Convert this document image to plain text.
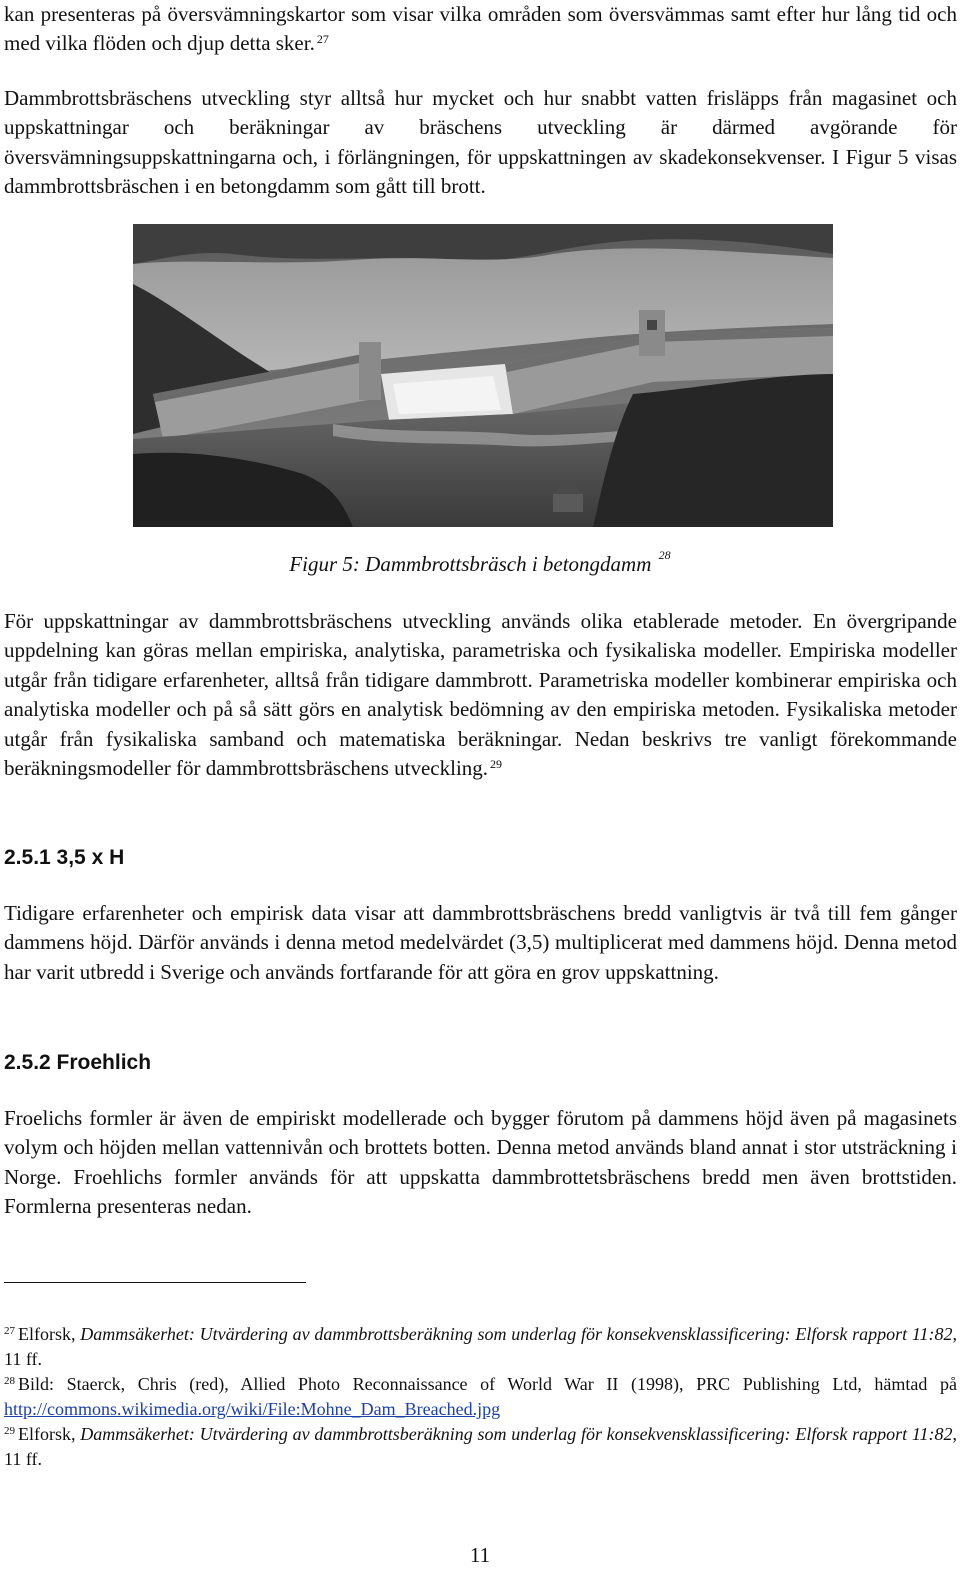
kan presenteras på översvämningskartor som visar vilka områden som översvämmas samt efter hur lång tid och med vilka flöden och djup detta sker. $^{27}$

Dammbrottsbräschens utveckling styr alltså hur mycket och hur snabbt vatten frisläpps från magasinet och uppskattningar och beräkningar av bräschens utveckling är därmed avgörande för översvämningsuppskattningarna och, i förlängningen, för uppskattningen av skadekonsekvenser. I Figur 5 visas dammbrottsbräschen i en betongdamm som gått till brott.

Figur 5: Dammbrottsbräsch i betongdamm $^{28}$

För uppskattningar av dammbrottsbräschens utveckling används olika etablerade metoder. En övergripande uppdelning kan göras mellan empiriska, analytiska, parametriska och fysikaliska modeller. Empiriska modeller utgår från tidigare erfarenheter, alltså från tidigare dammbrott. Parametriska modeller kombinerar empiriska och analytiska modeller och på så sätt görs en analytisk bedömning av den empiriska metoden. Fysikaliska metoder utgår från fysikaliska samband och matematiska beräkningar. Nedan beskrivs tre vanligt förekommande beräkningsmodeller för dammbrottsbräschens utveckling. $^{29}$

2.5.1 3,5 x H

Tidigare erfarenheter och empirisk data visar att dammbrottsbräschens bredd vanligtvis är två till fem gånger dammens höjd. Därför används i denna metod medelvärdet (3,5) multiplicerat med dammens höjd. Denna metod har varit utbredd i Sverige och används fortfarande för att göra en grov uppskattning.

2.5.2 Froehlich

Froelichs formler är även de empiriskt modellerade och bygger förutom på dammens höjd även på magasinets volym och höjden mellan vattennivån och brottets botten. Denna metod används bland annat i stor utsträckning i Norge. Froehlichs formler används för att uppskatta dammbrottetsbräschens bredd men även brottstiden. Formlerna presenteras nedan.

$^{27}$ Elforsk, Dammsäkerhet: Utvärdering av dammbrottsberäkning som underlag för konsekvensklassificering: Elforsk rapport 11:82, 11 ff.

$^{28}$ Bild: Staerck, Chris (red), Allied Photo Reconnaissance of World War II (1998), PRC Publishing Ltd, hämtad på http://commons.wikimedia.org/wiki/File:Mohne_Dam_Breached.jpg

$^{29}$ Elforsk, Dammsäkerhet: Utvärdering av dammbrottsberäkning som underlag för konsekvensklassificering: Elforsk rapport 11:82, 11 ff.

11
